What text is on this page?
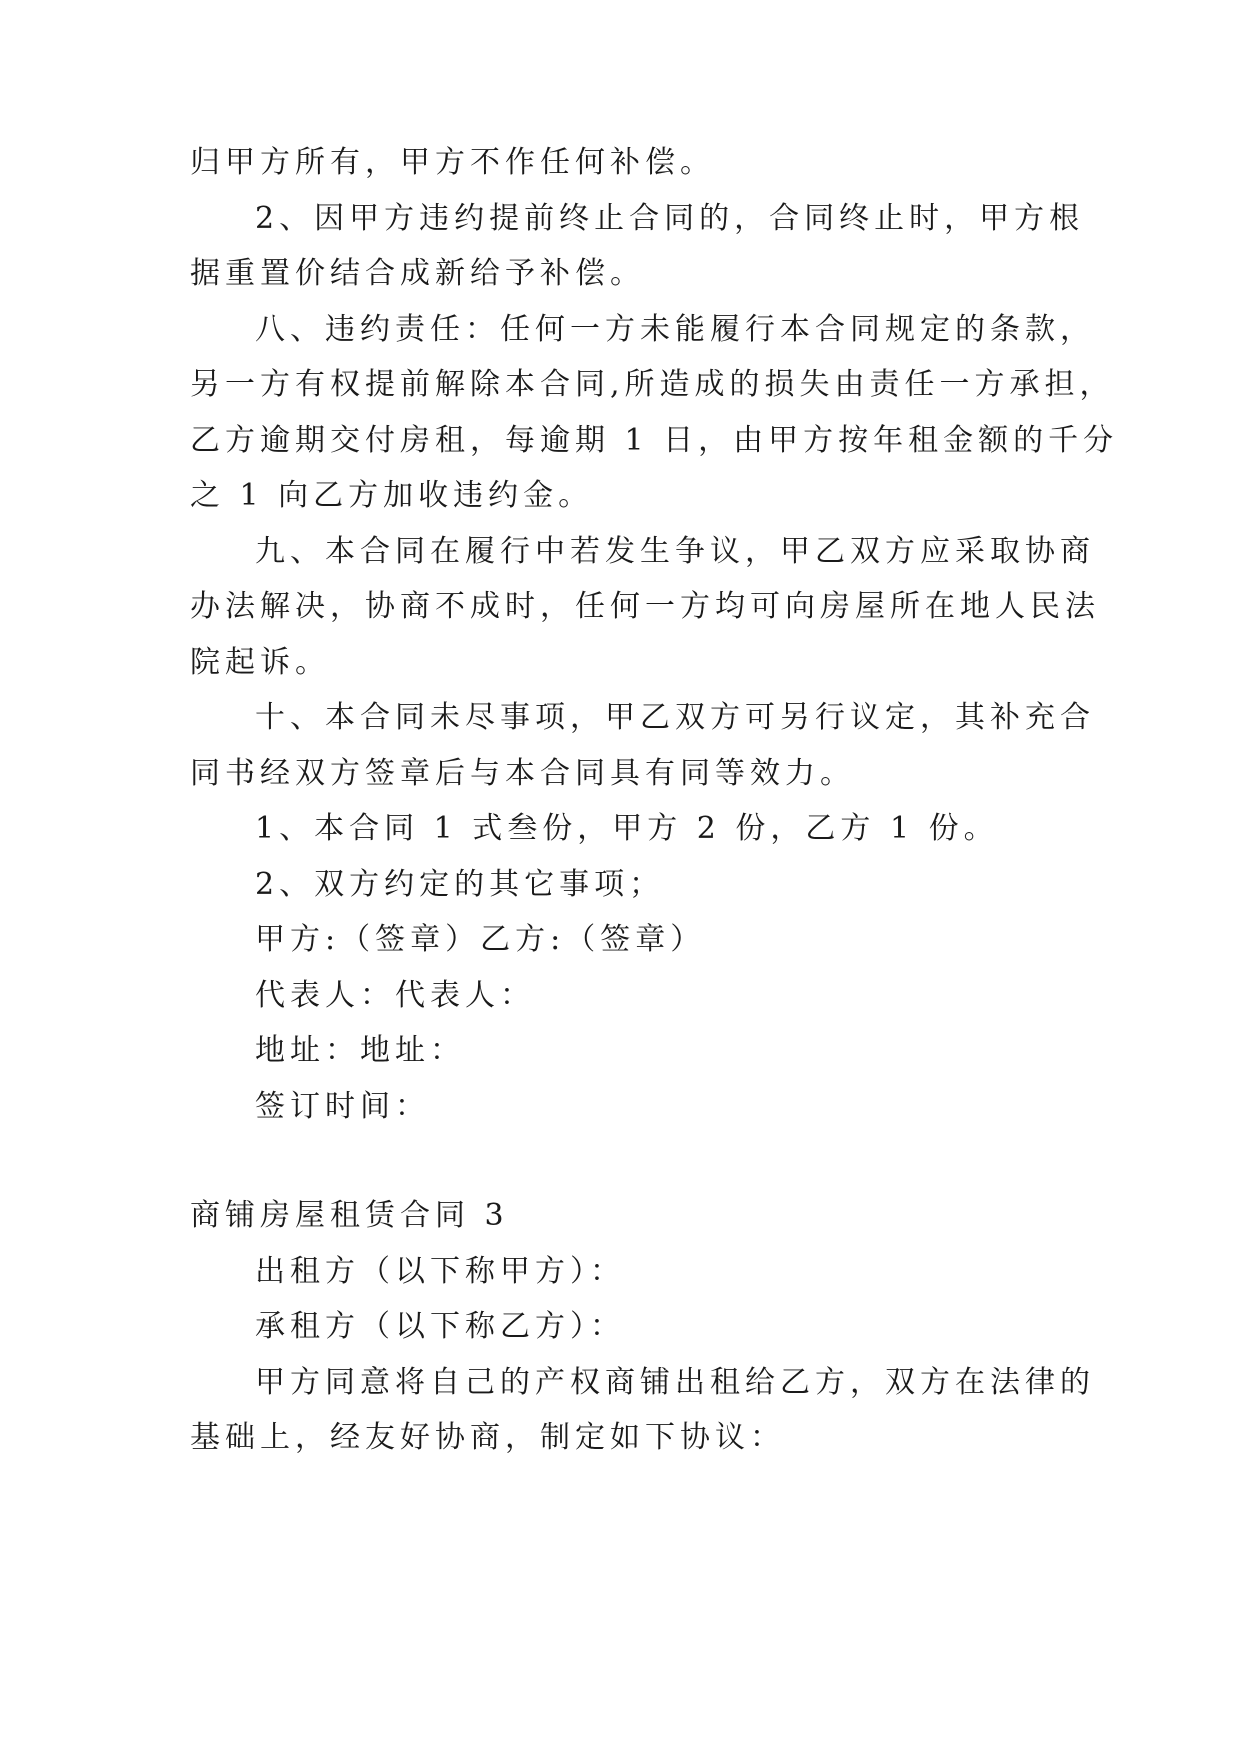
归甲方所有，甲方不作任何补偿。
2、因甲方违约提前终止合同的，合同终止时，甲方根
据重置价结合成新给予补偿。
八、违约责任：任何一方未能履行本合同规定的条款，
另一方有权提前解除本合同,所造成的损失由责任一方承担，
乙方逾期交付房租，每逾期 1 日，由甲方按年租金额的千分
之 1 向乙方加收违约金。
九、本合同在履行中若发生争议，甲乙双方应采取协商
办法解决，协商不成时，任何一方均可向房屋所在地人民法
院起诉。
十、本合同未尽事项，甲乙双方可另行议定，其补充合
同书经双方签章后与本合同具有同等效力。
1、本合同 1 式叁份，甲方 2 份，乙方 1 份。
2、双方约定的其它事项；
甲方:（签章）乙方:（签章）
代表人：代表人：
地址：地址：
签订时间：
商铺房屋租赁合同 3
出租方（以下称甲方）：
承租方（以下称乙方）：
甲方同意将自己的产权商铺出租给乙方，双方在法律的
基础上，经友好协商，制定如下协议：
